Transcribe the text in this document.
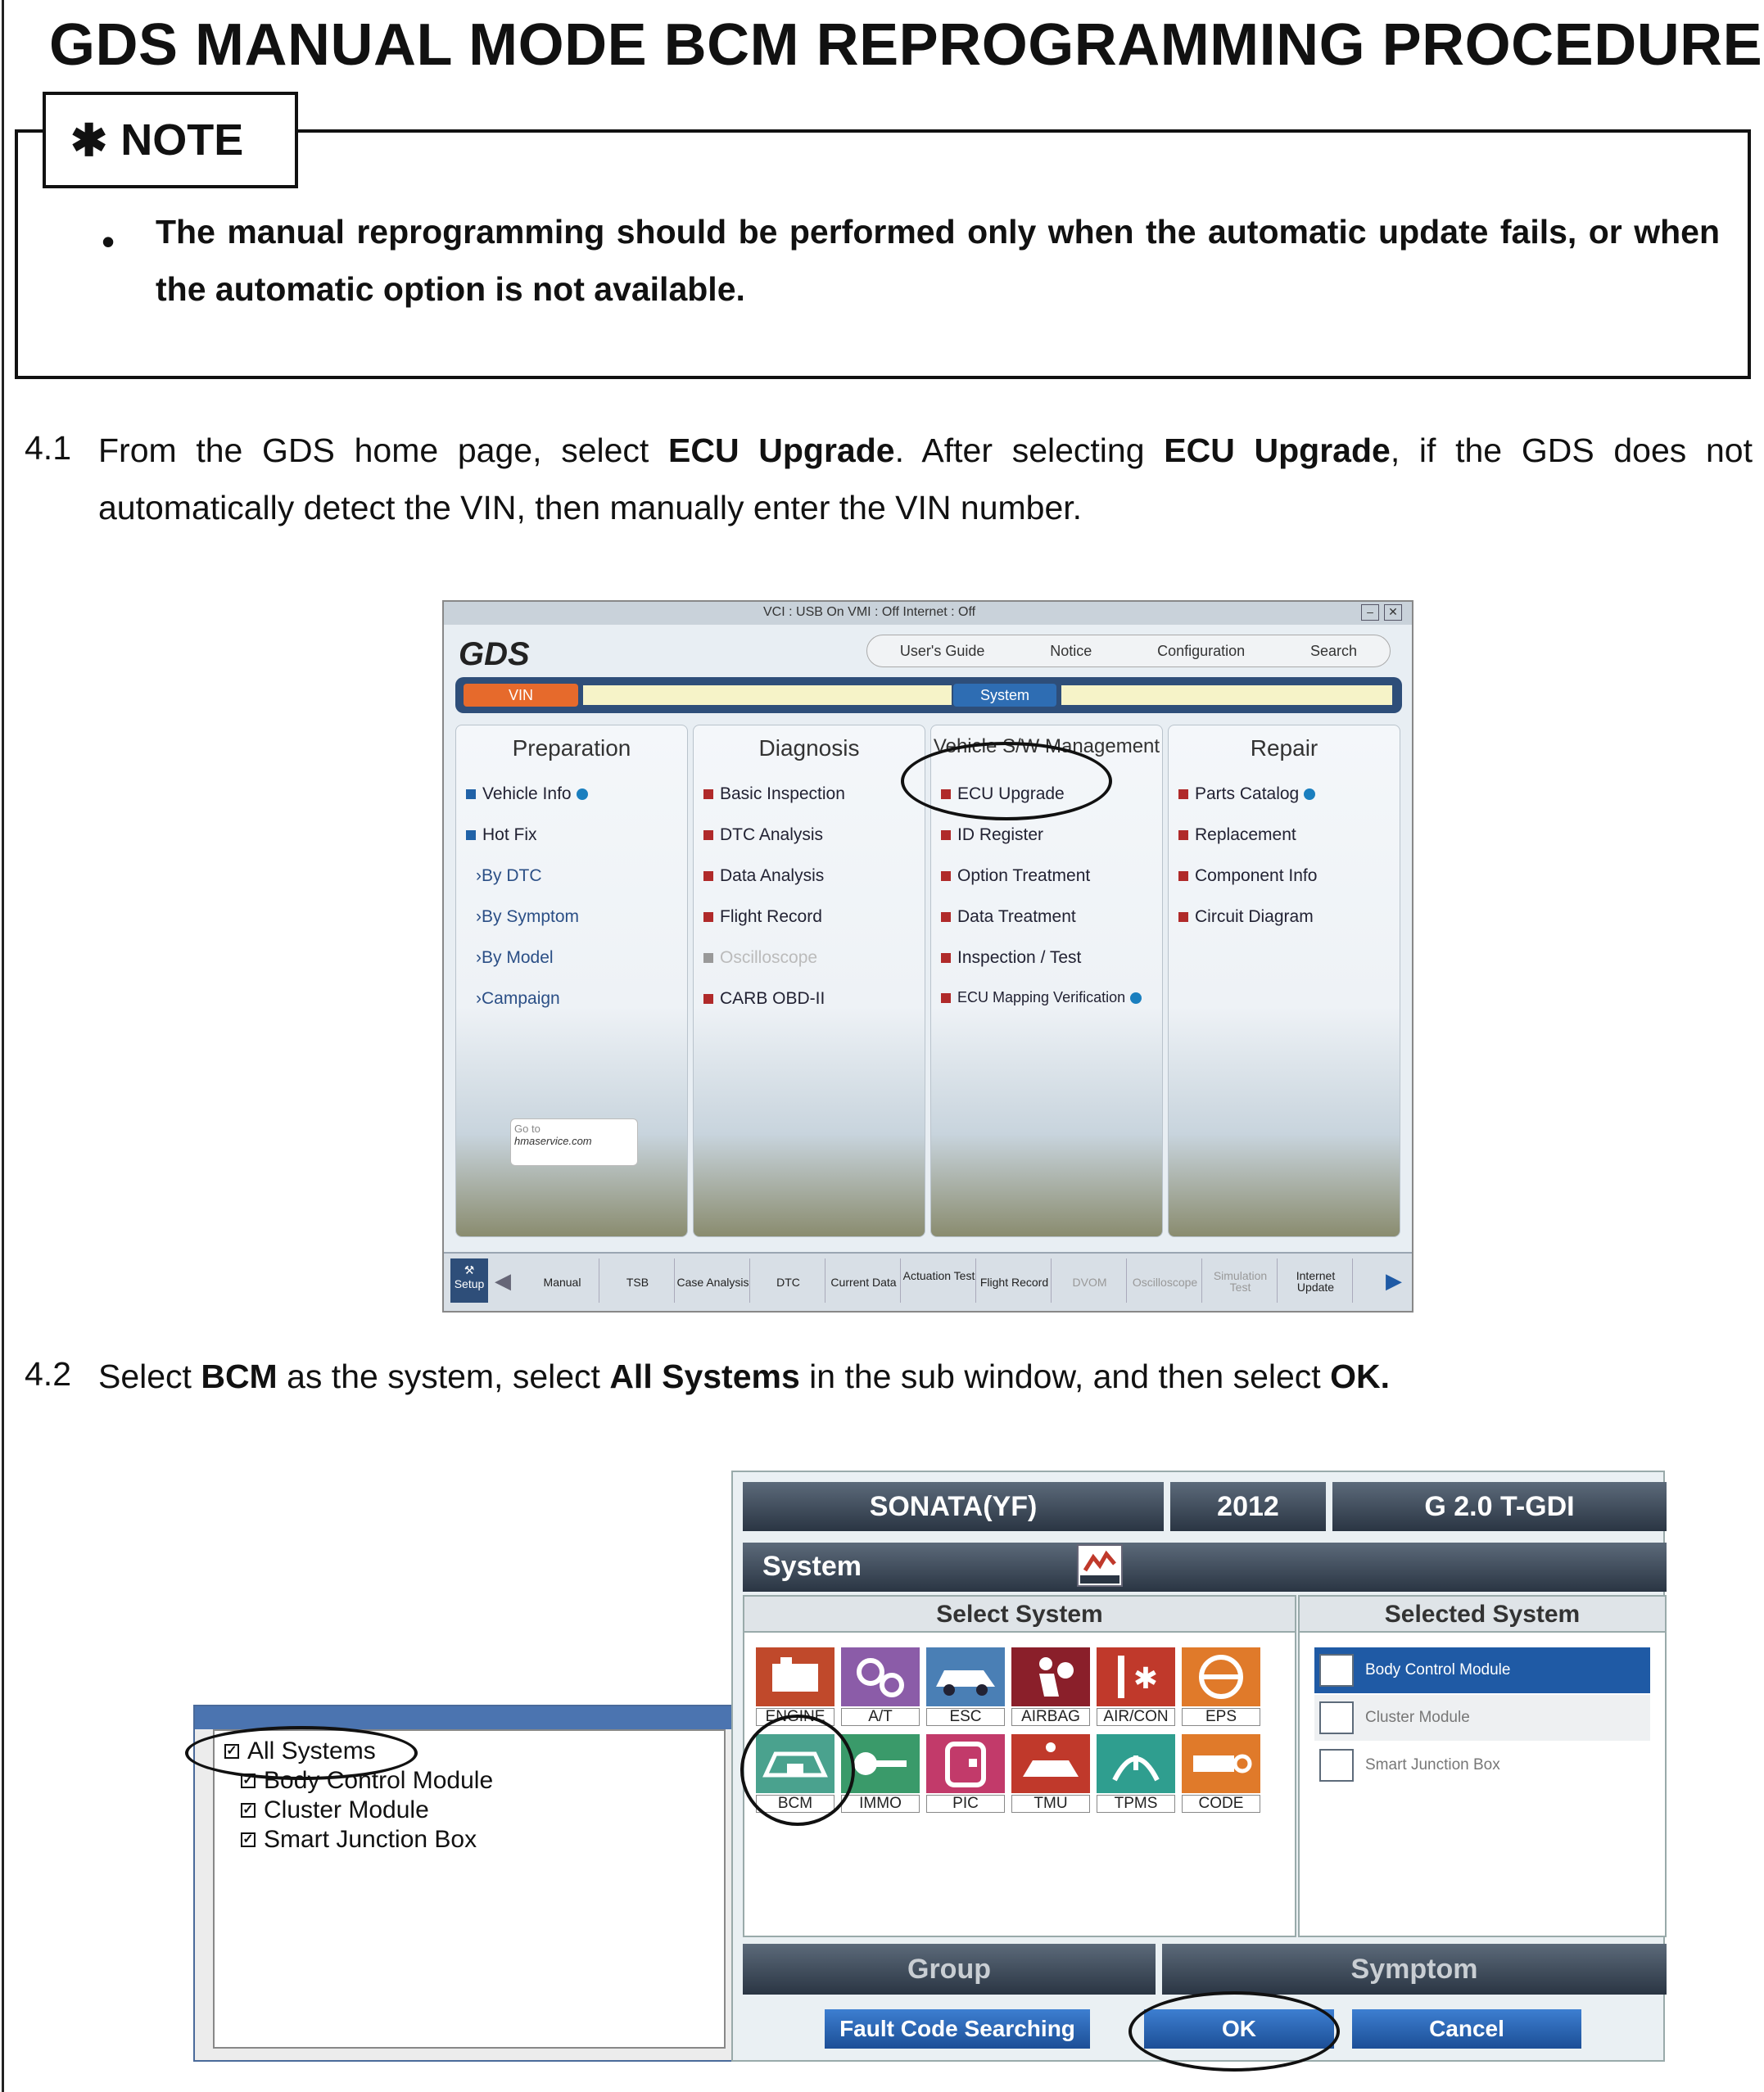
GDS MANUAL MODE BCM REPROGRAMMING PROCEDURE
✱ NOTE
• The manual reprogramming should be performed only when the automatic update fails, or when the automatic option is not available.
4.1 From the GDS home page, select ECU Upgrade. After selecting ECU Upgrade, if the GDS does not automatically detect the VIN, then manually enter the VIN number.
VCI : USB On VMI : Off Internet : Off	–	✕
GDS	User's Guide	Notice	Configuration	Search
VIN	System
Preparation
Vehicle Info
Hot Fix
›By DTC
›By Symptom
›By Model
›Campaign
Go to
hmaservice.com
Diagnosis
Basic Inspection
DTC Analysis
Data Analysis
Flight Record
Oscilloscope
CARB OBD-II
Vehicle S/W Management
ECU Upgrade
ID Register
Option Treatment
Data Treatment
Inspection / Test
ECU Mapping Verification
Repair
Parts Catalog
Replacement
Component Info
Circuit Diagram
⚒
Setup ◀	Manual	TSB	Case Analysis	DTC	Current Data Actuation Test Flight Record	DVOM	Oscilloscope	Simulation Test
Internet Update	▶
4.2 Select BCM as the system, select All Systems in the sub window, and then select OK.
✓ All Systems
✓ Body Control Module
✓ Cluster Module
✓ Smart Junction Box
SONATA(YF)	2012	G 2.0 T-GDI
System
Select System
ENGINE	A/T	ESC	AIRBAG
✱
AIR/CON	EPS
BCM	IMMO	PIC	TMU	TPMS	CODE
Selected System
Body Control Module
Cluster Module
Smart Junction Box
Group	Symptom
Fault Code Searching	OK	Cancel
